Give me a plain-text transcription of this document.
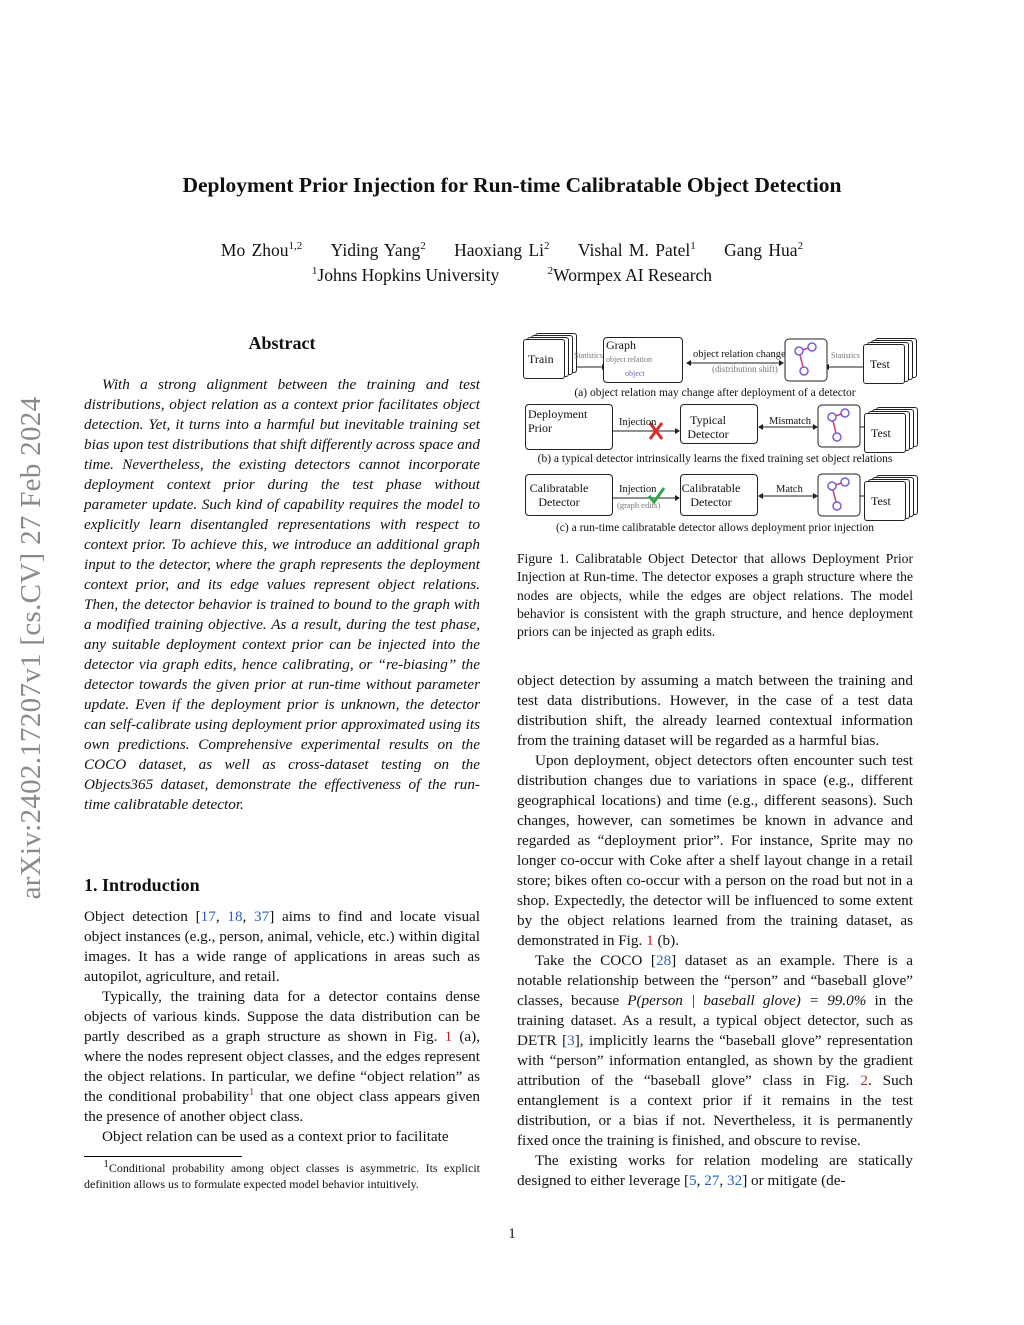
Deployment Prior Injection for Run-time Calibratable Object Detection
Mo Zhou$^{1,2}$ Yiding Yang$^2$ Haoxiang Li$^2$ Vishal M. Patel$^1$ Gang Hua$^2$
$^1$Johns Hopkins University	$^2$Wormpex AI Research
arXiv:2402.17207v1 [cs.CV] 27 Feb 2024
Abstract

With a strong alignment between the training and test distributions, object relation as a context prior facilitates object detection. Yet, it turns into a harmful but inevitable training set bias upon test distributions that shift differently across space and time. Nevertheless, the existing detectors cannot incorporate deployment context prior during the test phase without parameter update. Such kind of capability requires the model to explicitly learn disentangled representations with respect to context prior. To achieve this, we introduce an additional graph input to the detector, where the graph represents the deployment context prior, and its edge values represent object relations. Then, the detector behavior is trained to bound to the graph with a modified training objective. As a result, during the test phase, any suitable deployment context prior can be injected into the detector via graph edits, hence calibrating, or “re-biasing” the detector towards the given prior at run-time without parameter update. Even if the deployment prior is unknown, the detector can self-calibrate using deployment prior approximated using its own predictions. Comprehensive experimental results on the COCO dataset, as well as cross-dataset testing on the Objects365 dataset, demonstrate the effectiveness of the run-time calibratable detector.

1. Introduction

Object detection [17, 18, 37] aims to find and locate visual object instances (e.g., person, animal, vehicle, etc.) within digital images. It has a wide range of applications in areas such as autopilot, agriculture, and retail.

Typically, the training data for a detector contains dense objects of various kinds. Suppose the data distribution can be partly described as a graph structure as shown in Fig. 1 (a), where the nodes represent object classes, and the edges represent the object relations. In particular, we define “object relation” as the conditional probability$^1$ that one object class appears given the presence of another object class.

Object relation can be used as a context prior to facilitate

$^1$Conditional probability among object classes is asymmetric. Its explicit definition allows us to formulate expected model behavior intuitively.
Train	Statistics
Graph
object relation
object
object relation change
(distribution shift)
Statistics
Test
(a) object relation may change after deployment of a detector
Deployment Prior	Injection	Typical Detector
Mismatch
Test
(b) a typical detector intrinsically learns the fixed training set object relations
Calibratable Detector
Injection
(graph edits)
Calibratable Detector
Match
Test
(c) a run-time calibratable detector allows deployment prior injection

Figure 1. Calibratable Object Detector that allows Deployment Prior Injection at Run-time. The detector exposes a graph structure where the nodes are objects, while the edges are object relations. The model behavior is consistent with the graph structure, and hence deployment priors can be injected as graph edits.

object detection by assuming a match between the training and test data distributions. However, in the case of a test data distribution shift, the already learned contextual information from the training dataset will be regarded as a harmful bias.

Upon deployment, object detectors often encounter such test distribution changes due to variations in space (e.g., different geographical locations) and time (e.g., different seasons). Such changes, however, can sometimes be known in advance and regarded as “deployment prior”. For instance, Sprite may no longer co-occur with Coke after a shelf layout change in a retail store; bikes often co-occur with a person on the road but not in a shop. Expectedly, the detector will be influenced to some extent by the object relations learned from the training dataset, as demonstrated in Fig. 1 (b).

Take the COCO [28] dataset as an example. There is a notable relationship between the “person” and “baseball glove” classes, because P(person | baseball glove) = 99.0% in the training dataset. As a result, a typical object detector, such as DETR [3], implicitly learns the “baseball glove” representation with “person” information entangled, as shown by the gradient attribution of the “baseball glove” class in Fig. 2. Such entanglement is a context prior if it remains in the test distribution, or a bias if not. Nevertheless, it is permanently fixed once the training is finished, and obscure to revise.

The existing works for relation modeling are statically designed to either leverage [5, 27, 32] or mitigate (de-

1
